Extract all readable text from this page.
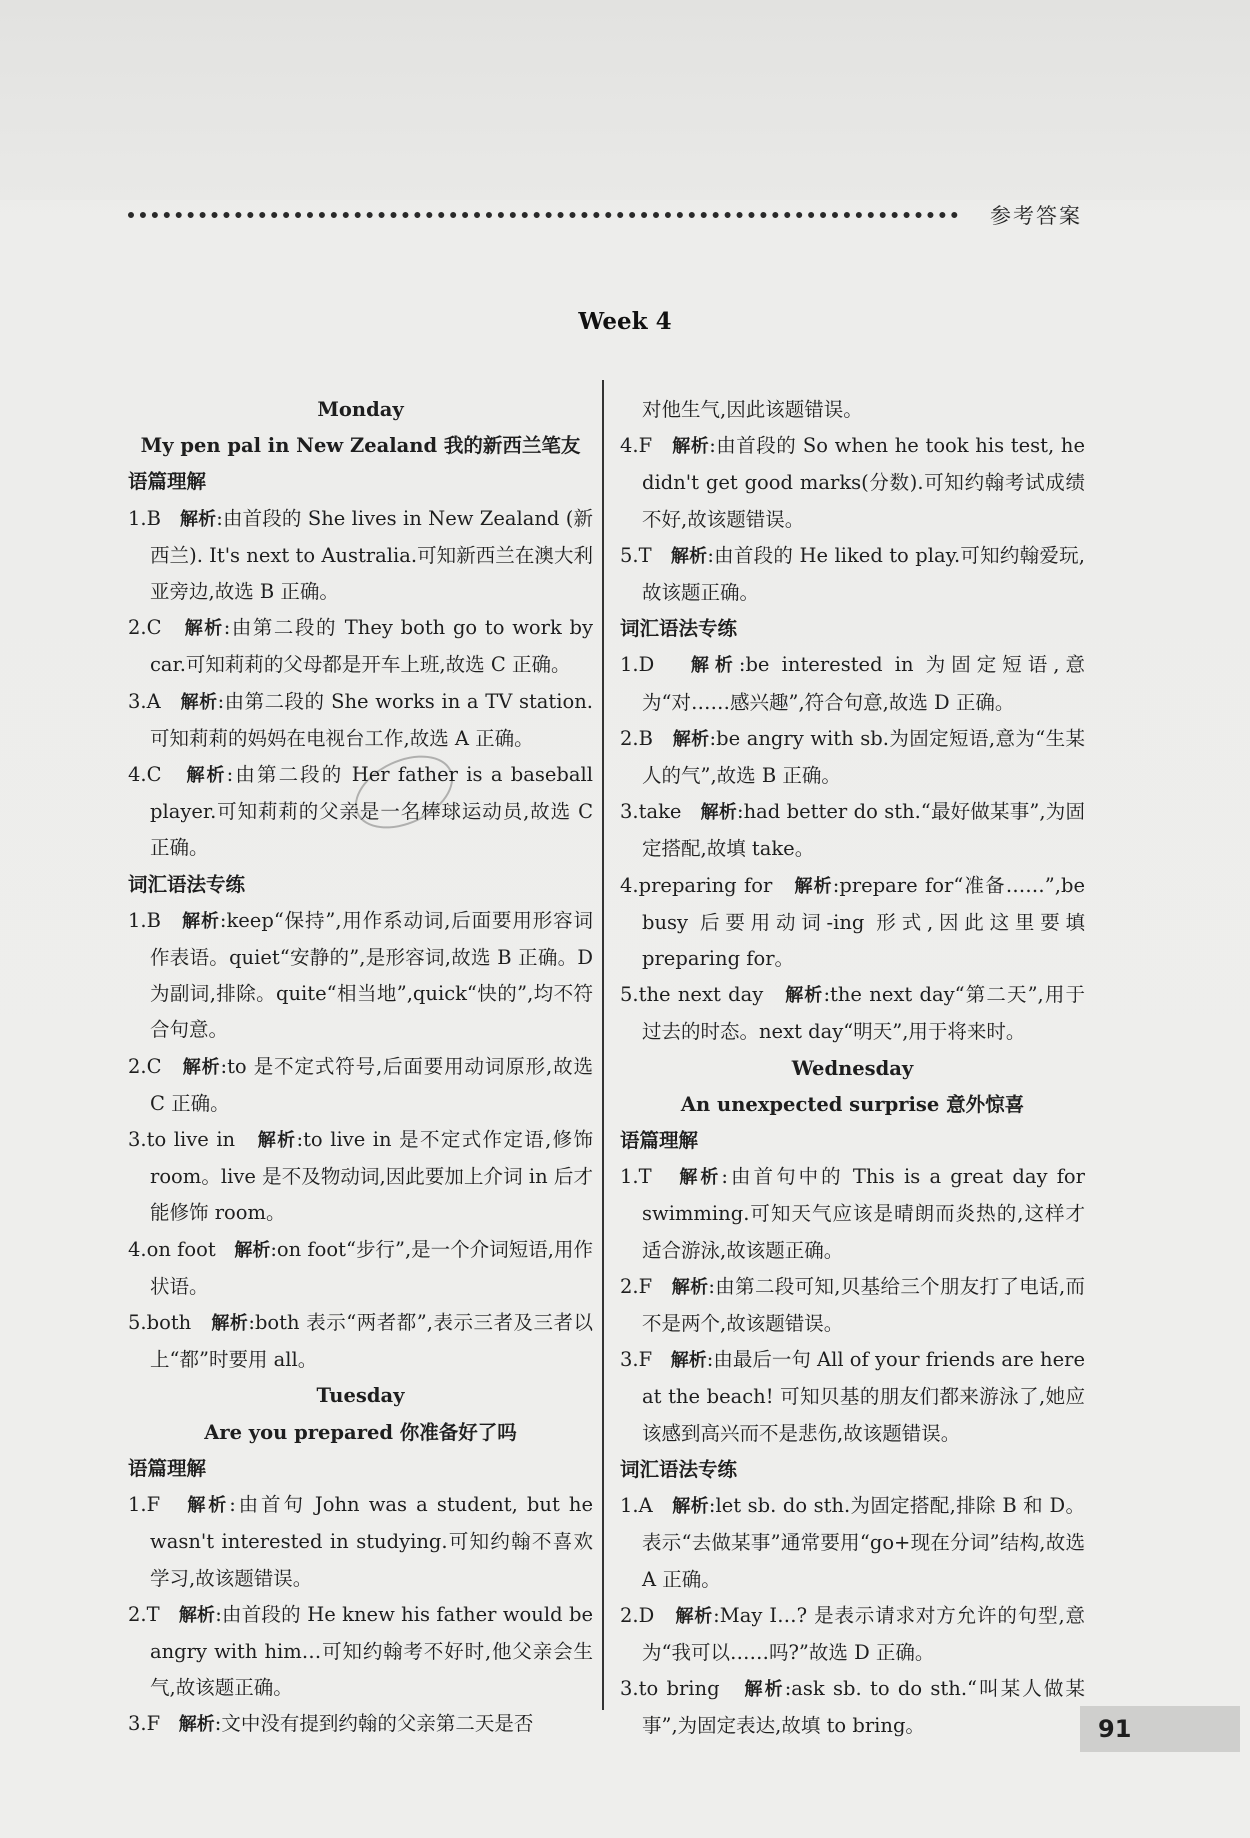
参考答案
Week 4

Monday

My pen pal in New Zealand 我的新西兰笔友

语篇理解

1.B 解析:由首段的 She lives in New Zealand (新西兰). It's next to Australia.可知新西兰在澳大利亚旁边,故选 B 正确。

2.C 解析:由第二段的 They both go to work by car.可知莉莉的父母都是开车上班,故选 C 正确。

3.A 解析:由第二段的 She works in a TV station.可知莉莉的妈妈在电视台工作,故选 A 正确。

4.C 解析:由第二段的 Her father is a baseball player.可知莉莉的父亲是一名棒球运动员,故选 C 正确。

词汇语法专练

1.B 解析:keep“保持”,用作系动词,后面要用形容词作表语。quiet“安静的”,是形容词,故选 B 正确。D 为副词,排除。quite“相当地”,quick“快的”,均不符合句意。

2.C 解析:to 是不定式符号,后面要用动词原形,故选 C 正确。

3.to live in 解析:to live in 是不定式作定语,修饰 room。live 是不及物动词,因此要加上介词 in 后才能修饰 room。

4.on foot 解析:on foot“步行”,是一个介词短语,用作状语。

5.both 解析:both 表示“两者都”,表示三者及三者以上“都”时要用 all。

Tuesday

Are you prepared 你准备好了吗

语篇理解

1.F 解析:由首句 John was a student, but he wasn't interested in studying.可知约翰不喜欢学习,故该题错误。

2.T 解析:由首段的 He knew his father would be angry with him…可知约翰考不好时,他父亲会生气,故该题正确。

3.F 解析:文中没有提到约翰的父亲第二天是否

对他生气,因此该题错误。

4.F 解析:由首段的 So when he took his test, he didn't get good marks(分数).可知约翰考试成绩不好,故该题错误。

5.T 解析:由首段的 He liked to play.可知约翰爱玩,故该题正确。

词汇语法专练

1.D 解析:be interested in 为固定短语,意为“对……感兴趣”,符合句意,故选 D 正确。

2.B 解析:be angry with sb.为固定短语,意为“生某人的气”,故选 B 正确。

3.take 解析:had better do sth.“最好做某事”,为固定搭配,故填 take。

4.preparing for 解析:prepare for“准备……”,be busy 后要用动词-ing 形式,因此这里要填 preparing for。

5.the next day 解析:the next day“第二天”,用于过去的时态。next day“明天”,用于将来时。

Wednesday

An unexpected surprise 意外惊喜

语篇理解

1.T 解析:由首句中的 This is a great day for swimming.可知天气应该是晴朗而炎热的,这样才适合游泳,故该题正确。

2.F 解析:由第二段可知,贝基给三个朋友打了电话,而不是两个,故该题错误。

3.F 解析:由最后一句 All of your friends are here at the beach! 可知贝基的朋友们都来游泳了,她应该感到高兴而不是悲伤,故该题错误。

词汇语法专练

1.A 解析:let sb. do sth.为固定搭配,排除 B 和 D。表示“去做某事”通常要用“go+现在分词”结构,故选 A 正确。

2.D 解析:May I…? 是表示请求对方允许的句型,意为“我可以……吗?”故选 D 正确。

3.to bring 解析:ask sb. to do sth.“叫某人做某事”,为固定表达,故填 to bring。	91
